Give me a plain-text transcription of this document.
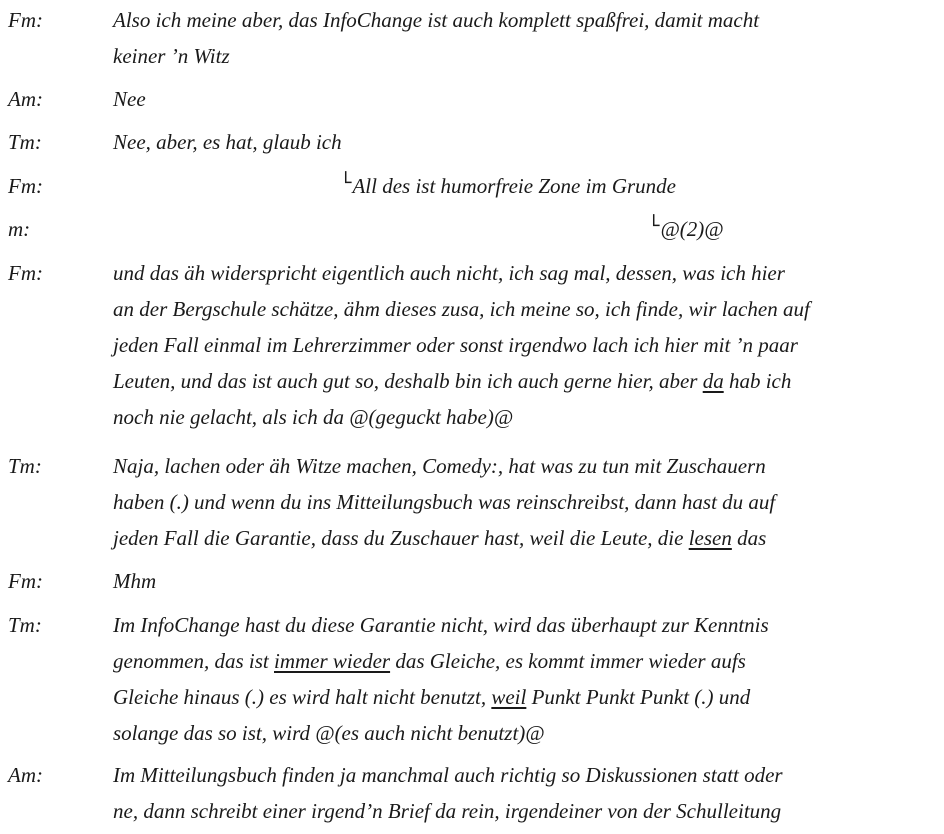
Fm:	Also ich meine aber, das InfoChange ist auch komplett spaßfrei, damit macht
keiner ’n Witz
Am:	Nee
Tm:	Nee, aber, es hat, glaub ich
Fm:	└All des ist humorfreie Zone im Grunde
m:	└@(2)@
Fm:	und das äh widerspricht eigentlich auch nicht, ich sag mal, dessen, was ich hier
an der Bergschule schätze, ähm dieses zusa, ich meine so, ich finde, wir lachen auf
jeden Fall einmal im Lehrerzimmer oder sonst irgendwo lach ich hier mit ’n paar
Leuten, und das ist auch gut so, deshalb bin ich auch gerne hier, aber da hab ich
noch nie gelacht, als ich da @(geguckt habe)@
Tm:	Naja, lachen oder äh Witze machen, Comedy:, hat was zu tun mit Zuschauern
haben (.) und wenn du ins Mitteilungsbuch was reinschreibst, dann hast du auf
jeden Fall die Garantie, dass du Zuschauer hast, weil die Leute, die lesen das
Fm:	Mhm
Tm:	Im InfoChange hast du diese Garantie nicht, wird das überhaupt zur Kenntnis
genommen, das ist immer wieder das Gleiche, es kommt immer wieder aufs
Gleiche hinaus (.) es wird halt nicht benutzt, weil Punkt Punkt Punkt (.) und
solange das so ist, wird @(es auch nicht benutzt)@
Am:	Im Mitteilungsbuch finden ja manchmal auch richtig so Diskussionen statt oder
ne, dann schreibt einer irgend’n Brief da rein, irgendeiner von der Schulleitung
